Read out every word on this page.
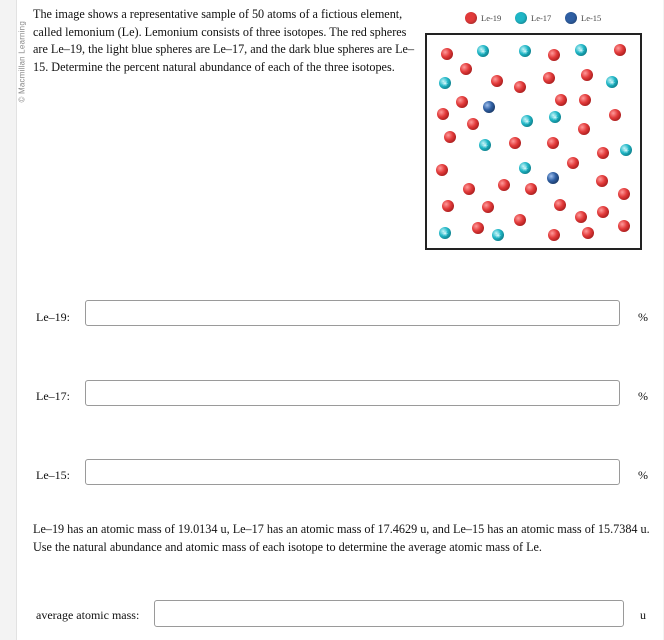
© Macmillan Learning
The image shows a representative sample of 50 atoms of a fictious element, called lemonium (Le). Lemonium consists of three isotopes. The red spheres are Le–19, the light blue spheres are Le–17, and the dark blue spheres are Le–15. Determine the percent natural abundance of each of the three isotopes.
Le-19	Le-17	Le-15
✳	✳	✳
✳
✳
✳	✳
✳
✳
✳
✳	✳
Le–19:	%
Le–17:	%
Le–15:	%
Le–19 has an atomic mass of 19.0134 u, Le–17 has an atomic mass of 17.4629 u, and Le–15 has an atomic mass of 15.7384 u. Use the natural abundance and atomic mass of each isotope to determine the average atomic mass of Le.
average atomic mass:	u
